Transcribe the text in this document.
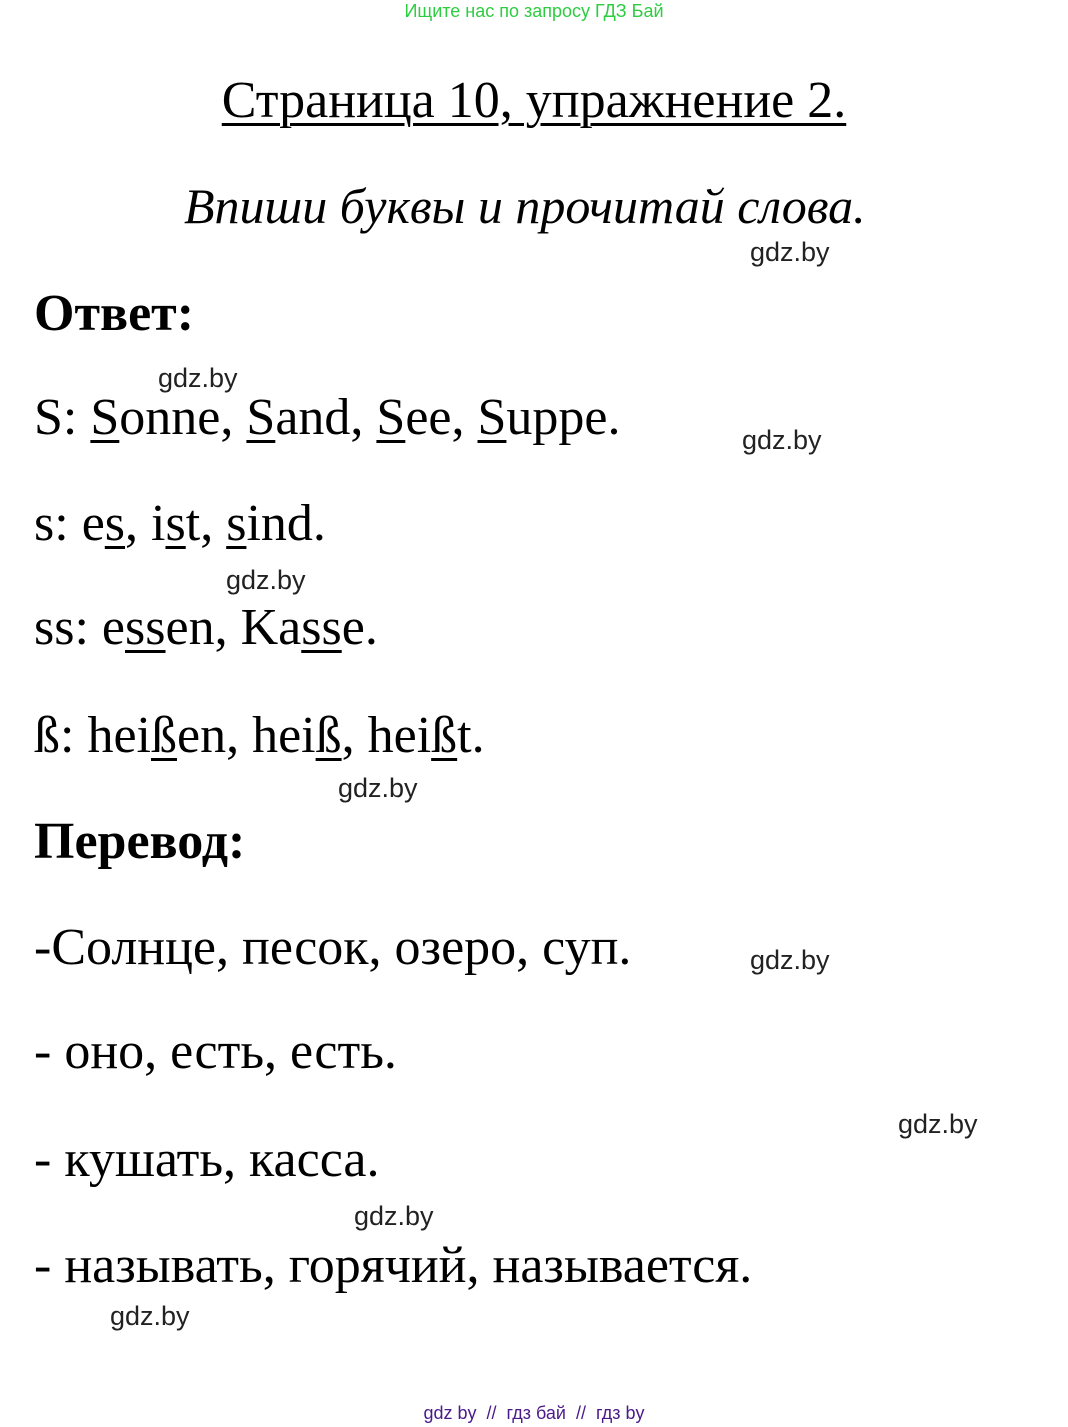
Ищите нас по запросу ГДЗ Бай
Страница 10, упражнение 2.
Впиши буквы и прочитай слова.
gdz.by
Ответ:
gdz.by
S: Sonne, Sand, See, Suppe.	gdz.by
s: es, ist, sind.
gdz.by
ss: essen, Kasse.
ß: heißen, heiß, heißt.
gdz.by
Перевод:
-Солнце, песок, озеро, суп.	gdz.by
- оно, есть, есть.
gdz.by
- кушать, касса.
gdz.by
- называть, горячий, называется.
gdz.by
gdz by // гдз бай // гдз by
